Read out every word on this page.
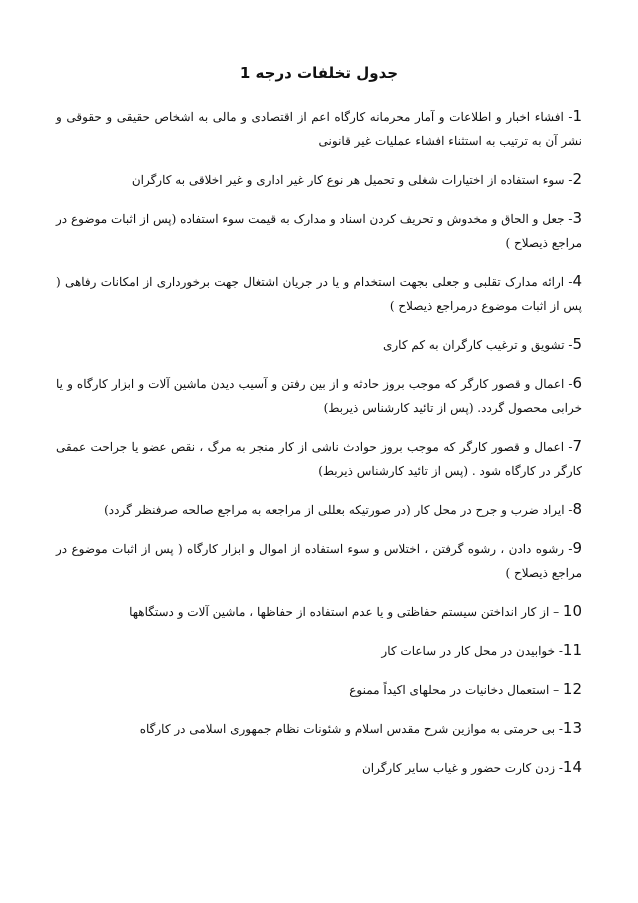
جدول تخلفات درجه 1

1- افشاء اخبار و اطلاعات و آمار محرمانه کارگاه اعم از اقتصادی و مالی به اشخاص حقیقی و حقوقی و نشر آن به ترتیب به استثناء افشاء عملیات غیر قانونی

2- سوء استفاده از اختیارات شغلی و تحمیل هر نوع کار غیر اداری و غیر اخلاقی به کارگران

3- جعل و الحاق و مخدوش و تحریف کردن اسناد و مدارک به قیمت سوء استفاده (پس از اثبات موضوع در مراجع ذیصلاح )

4- ارائه مدارک تقلبی و جعلی بجهت استخدام و یا در جریان اشتغال جهت برخورداری از امکانات رفاهی ( پس از اثبات موضوع درمراجع ذیصلاح )

5- تشویق و ترغیب کارگران به کم کاری

6- اعمال و قصور کارگر که موجب بروز حادثه و از بین رفتن و آسیب دیدن ماشین آلات و ابزار کارگاه و یا خرابی محصول گردد. (پس از تائید کارشناس ذیربط)

7- اعمال و قصور کارگر که موجب بروز حوادث ناشی از کار منجر به مرگ ، نقص عضو یا جراحت عمقی کارگر در کارگاه شود . (پس از تائید کارشناس ذیربط)

8- ایراد ضرب و جرح در محل کار (در صورتیکه بعللی از مراجعه به مراجع صالحه صرفنظر گردد)

9- رشوه دادن ، رشوه گرفتن ، اختلاس و سوء استفاده از اموال و ابزار کارگاه ( پس از اثبات موضوع در مراجع ذیصلاح )

10 – از کار انداختن سیستم حفاظتی و یا عدم استفاده از حفاظها ، ماشین آلات و دستگاهها

11- خوابیدن در محل کار در ساعات کار

12 – استعمال دخانیات در محلهای اکیداً ممنوع

13- بی حرمتی به موازین شرح مقدس اسلام و شئونات نظام جمهوری اسلامی در کارگاه

14- زدن کارت حضور و غیاب سایر کارگران
